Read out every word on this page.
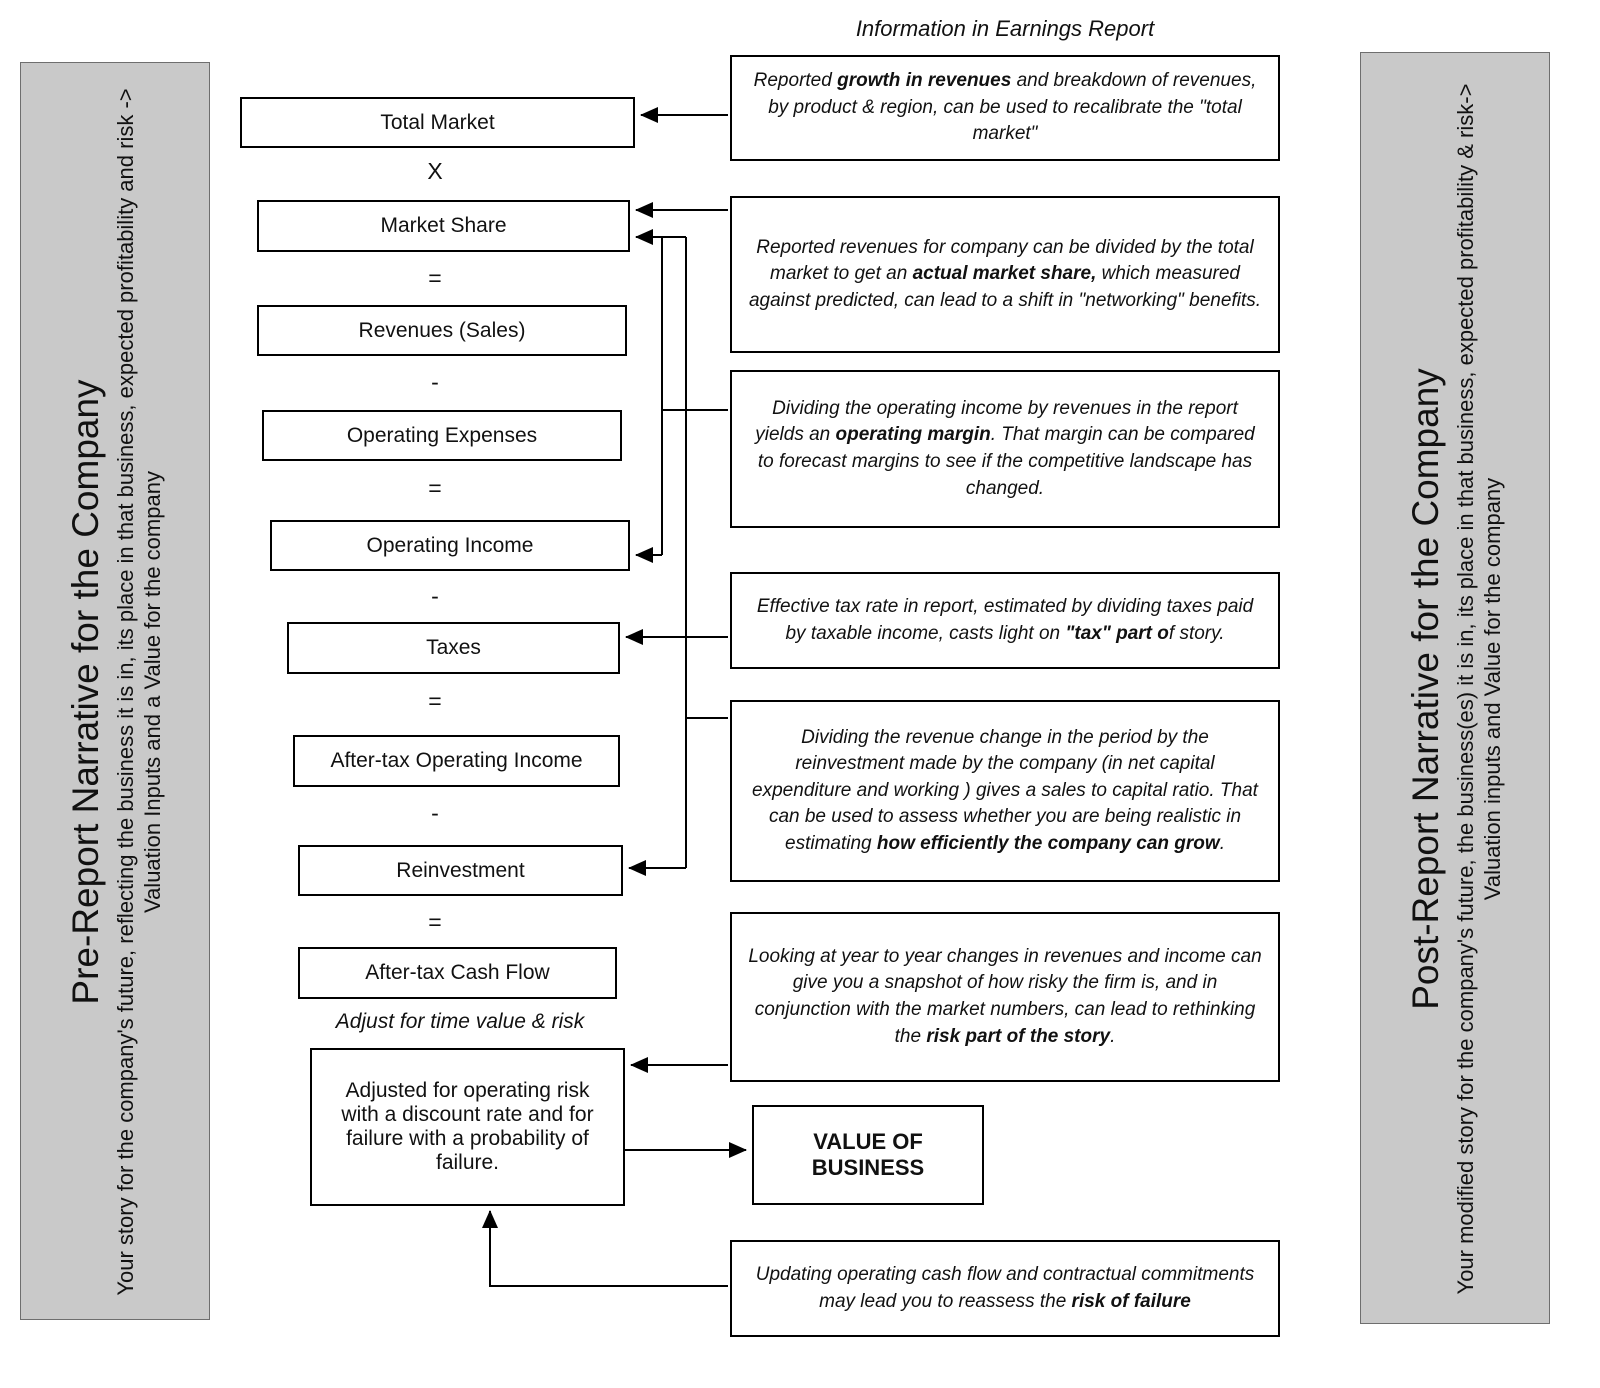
Pre-Report Narrative for the Company Your story for the company's future, reflecting the business it is in, its place in that business, expected profitability and risk -> Valuation Inputs and a Value for the company	Post-Report Narrative for the Company Your modified story for the company's future, the business(es) it is in, its place in that business, expected profitability & risk-> Valuation inputs and Value for the company
Information in Earnings Report
Total Market
X
Market Share
=
Revenues (Sales)
-
Operating Expenses
=
Operating Income
-
Taxes
=
After-tax Operating Income
-
Reinvestment
=
After-tax Cash Flow
Adjust for time value & risk
Adjusted for operating risk with a discount rate and for failure with a probability of failure.
VALUE OF BUSINESS
Reported growth in revenues and breakdown of revenues, by product & region, can be used to recalibrate the "total market"
Reported revenues for company can be divided by the total market to get an actual market share, which measured against predicted, can lead to a shift in "networking" benefits.
Dividing the operating income by revenues in the report yields an operating margin. That margin can be compared to forecast margins to see if the competitive landscape has changed.
Effective tax rate in report, estimated by dividing taxes paid by taxable income, casts light on "tax" part of story.
Dividing the revenue change in the period by the reinvestment made by the company (in net capital expenditure and working ) gives a sales to capital ratio. That can be used to assess whether you are being realistic in estimating how efficiently the company can grow.
Looking at year to year changes in revenues and income can give you a snapshot of how risky the firm is, and in conjunction with the market numbers, can lead to rethinking the risk part of the story.
Updating operating cash flow and contractual commitments may lead you to reassess the risk of failure
